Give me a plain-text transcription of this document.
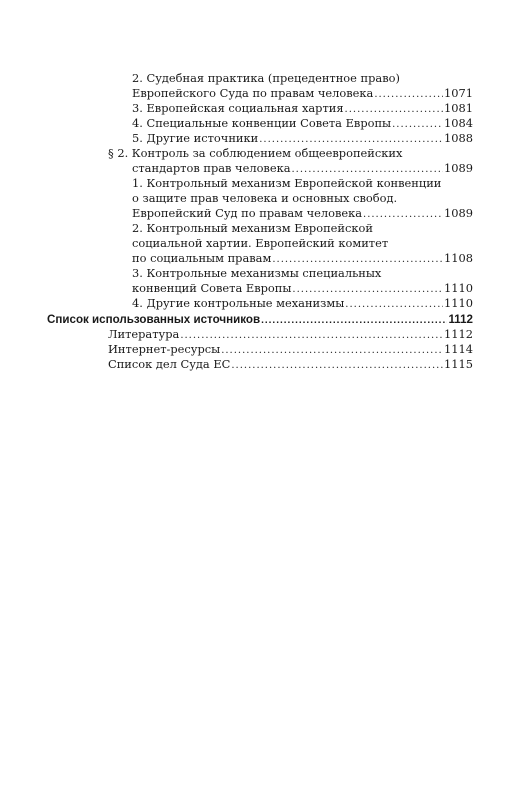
2. Судебная практика (прецедентное право)
Европейского Суда по правам человека .....	1071
3. Европейская социальная хартия .....	1081
4. Специальные конвенции Совета Европы .....	1084
5. Другие источники .....	1088
§ 2. Контроль за соблюдением общеевропейских
стандартов прав человека .....	1089
1. Контрольный механизм Европейской конвенции
о защите прав человека и основных свобод.
Европейский Суд по правам человека .....	1089
2. Контрольный механизм Европейской
социальной хартии. Европейский комитет
по социальным правам .....	1108
3. Контрольные механизмы специальных
конвенций Совета Европы .....	1110
4. Другие контрольные механизмы .....	1110
Список использованных источников .....	1112
Литература .....	1112
Интернет-ресурсы .....	1114
Список дел Суда ЕС .....	1115
